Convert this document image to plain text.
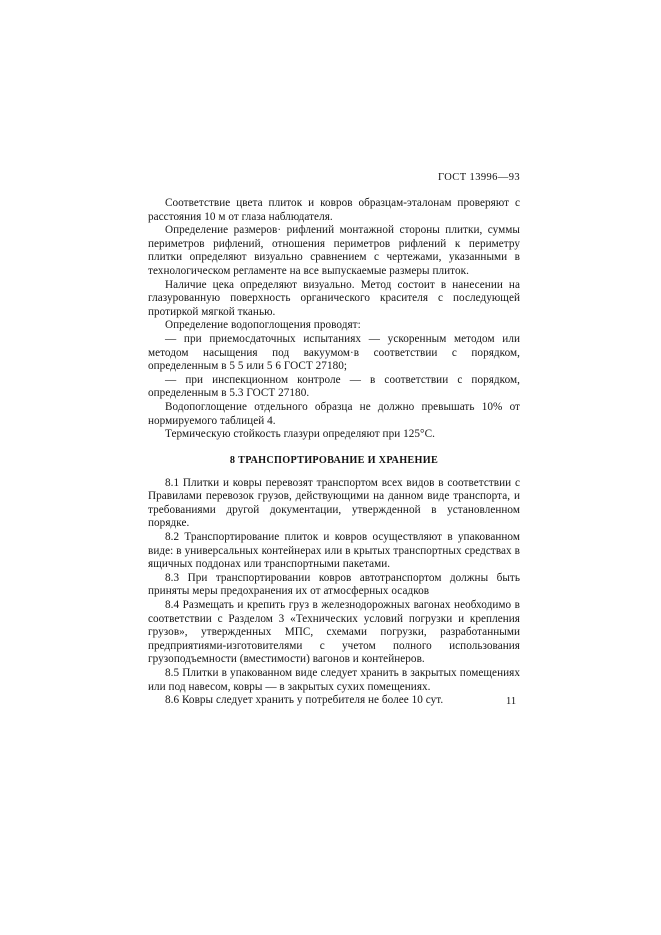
ГОСТ 13996—93

Соответствие цвета плиток и ковров образцам-эталонам проверяют с расстояния 10 м от глаза наблюдателя.

Определение размеров· рифлений монтажной стороны плитки, суммы периметров рифлений, отношения периметров рифлений к периметру плитки определяют визуально сравнением с чертежами, указанными в технологическом регламенте на все выпускаемые размеры плиток.

Наличие цека определяют визуально. Метод состоит в нанесении на глазурованную поверхность органического красителя с последующей протиркой мягкой тканью.

Определение водопоглощения проводят:

— при приемосдаточных испытаниях — ускоренным методом или методом насыщения под вакуумом·в соответствии с порядком, определенным в 5 5 или 5 6 ГОСТ 27180;

— при инспекционном контроле — в соответствии с порядком, определенным в 5.3 ГОСТ 27180.

Водопоглощение отдельного образца не должно превышать 10% от нормируемого таблицей 4.

Термическую стойкость глазури определяют при 125°С.

8 ТРАНСПОРТИРОВАНИЕ И ХРАНЕНИЕ

8.1 Плитки и ковры перевозят транспортом всех видов в соответствии с Правилами перевозок грузов, действующими на данном виде транспорта, и требованиями другой документации, утвержденной в установленном порядке.

8.2 Транспортирование плиток и ковров осуществляют в упакованном виде: в универсальных контейнерах или в крытых транспортных средствах в ящичных поддонах или транспортными пакетами.

8.3 При транспортировании ковров автотранспортом должны быть приняты меры предохранения их от атмосферных осадков

8.4 Размещать и крепить груз в железнодорожных вагонах необходимо в соответствии с Разделом 3 «Технических условий погрузки и крепления грузов», утвержденных МПС, схемами погрузки, разработанными предприятиями-изготовителями с учетом полного использования грузоподъемности (вместимости) вагонов и контейнеров.

8.5 Плитки в упакованном виде следует хранить в закрытых помещениях или под навесом, ковры — в закрытых сухих помещениях.

8.6 Ковры следует хранить у потребителя не более 10 сут.	11
